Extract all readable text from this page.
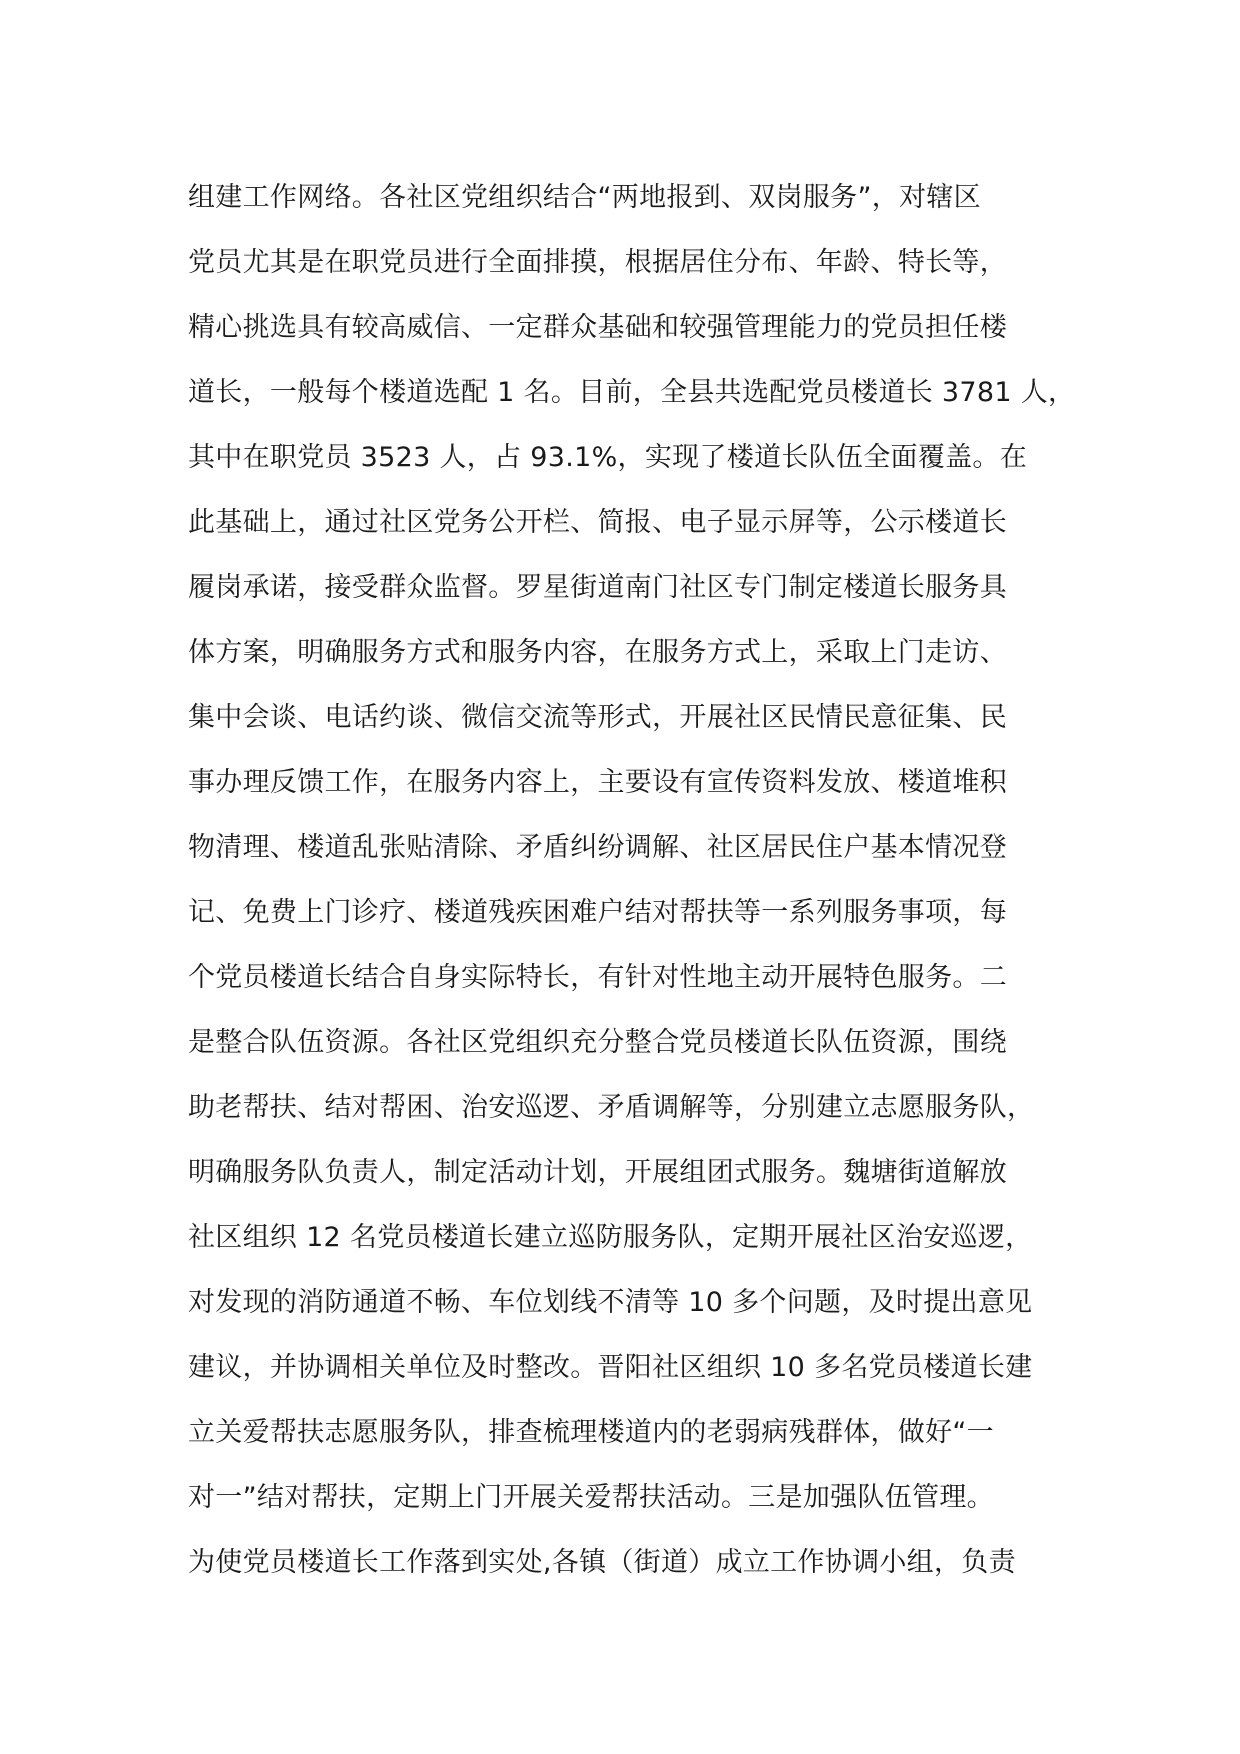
组建工作网络。各社区党组织结合“两地报到、双岗服务”，对辖区
党员尤其是在职党员进行全面排摸，根据居住分布、年龄、特长等，
精心挑选具有较高威信、一定群众基础和较强管理能力的党员担任楼
道长，一般每个楼道选配 1 名。目前，全县共选配党员楼道长 3781 人，
其中在职党员 3523 人，占 93.1%，实现了楼道长队伍全面覆盖。在
此基础上，通过社区党务公开栏、简报、电子显示屏等，公示楼道长
履岗承诺，接受群众监督。罗星街道南门社区专门制定楼道长服务具
体方案，明确服务方式和服务内容，在服务方式上，采取上门走访、
集中会谈、电话约谈、微信交流等形式，开展社区民情民意征集、民
事办理反馈工作，在服务内容上，主要设有宣传资料发放、楼道堆积
物清理、楼道乱张贴清除、矛盾纠纷调解、社区居民住户基本情况登
记、免费上门诊疗、楼道残疾困难户结对帮扶等一系列服务事项，每
个党员楼道长结合自身实际特长，有针对性地主动开展特色服务。二
是整合队伍资源。各社区党组织充分整合党员楼道长队伍资源，围绕
助老帮扶、结对帮困、治安巡逻、矛盾调解等，分别建立志愿服务队，
明确服务队负责人，制定活动计划，开展组团式服务。魏塘街道解放
社区组织 12 名党员楼道长建立巡防服务队，定期开展社区治安巡逻，
对发现的消防通道不畅、车位划线不清等 10 多个问题，及时提出意见
建议，并协调相关单位及时整改。晋阳社区组织 10 多名党员楼道长建
立关爱帮扶志愿服务队，排查梳理楼道内的老弱病残群体，做好“一
对一”结对帮扶，定期上门开展关爱帮扶活动。三是加强队伍管理。
为使党员楼道长工作落到实处,各镇（街道）成立工作协调小组，负责
